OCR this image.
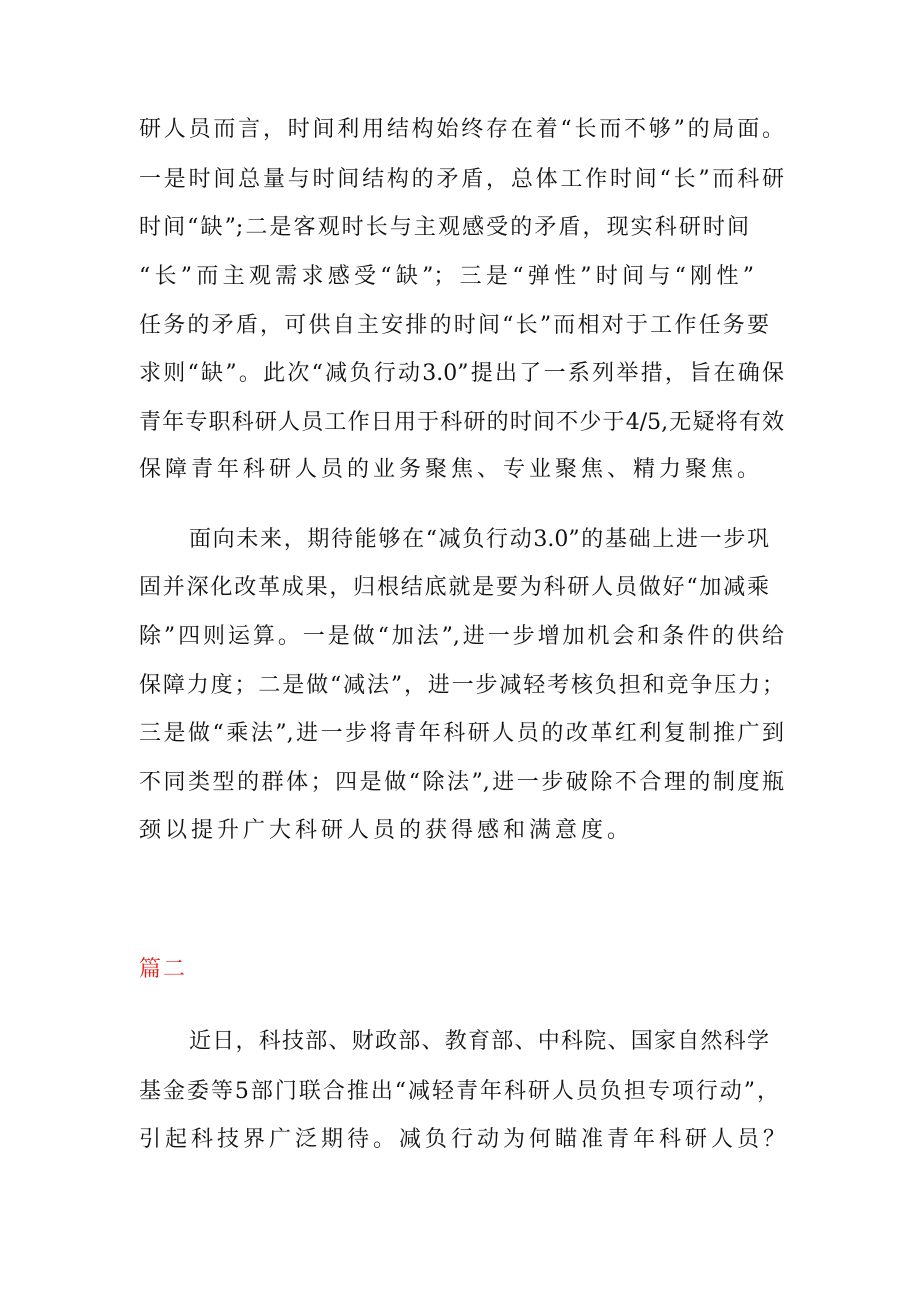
研人员而言，时间利用结构始终存在着“长而不够”的局面。
一是时间总量与时间结构的矛盾，总体工作时间“长”而科研
时间“缺”;二是客观时长与主观感受的矛盾，现实科研时间
“长”而主观需求感受“缺”；三是“弹性”时间与“刚性”
任务的矛盾，可供自主安排的时间“长”而相对于工作任务要
求则“缺”。此次“减负行动3.0”提出了一系列举措，旨在确保
青年专职科研人员工作日用于科研的时间不少于4/5,无疑将有效
保障青年科研人员的业务聚焦、专业聚焦、精力聚焦。
面向未来，期待能够在“减负行动3.0”的基础上进一步巩
固并深化改革成果，归根结底就是要为科研人员做好“加减乘
除”四则运算。一是做“加法”,进一步增加机会和条件的供给
保障力度；二是做“减法”，进一步减轻考核负担和竞争压力；
三是做“乘法”,进一步将青年科研人员的改革红利复制推广到
不同类型的群体；四是做“除法”,进一步破除不合理的制度瓶
颈以提升广大科研人员的获得感和满意度。
篇二
近日，科技部、财政部、教育部、中科院、国家自然科学
基金委等5部门联合推出“减轻青年科研人员负担专项行动”，
引起科技界广泛期待。减负行动为何瞄准青年科研人员？
